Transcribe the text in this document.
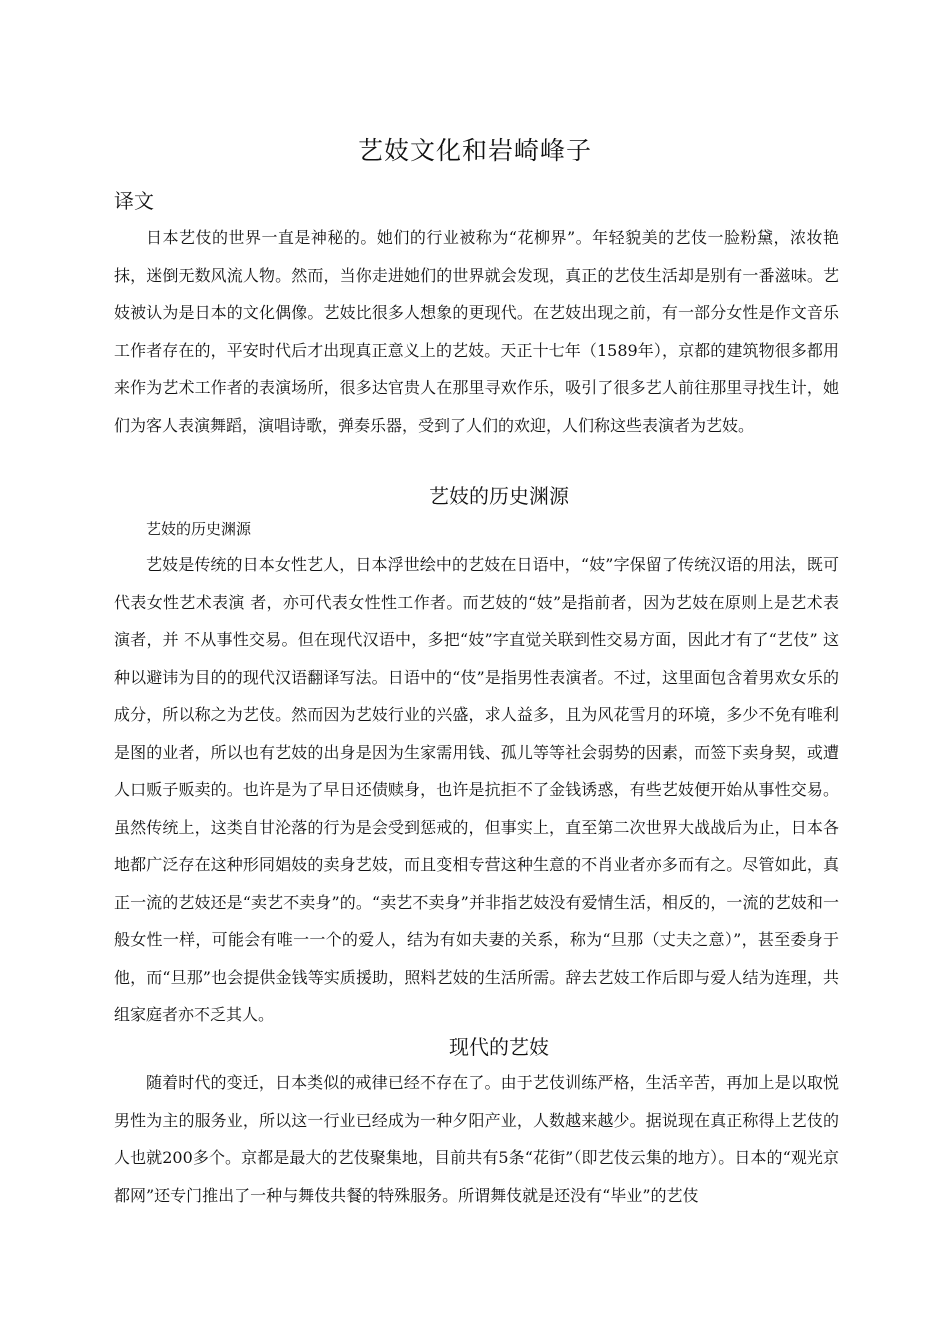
艺妓文化和岩崎峰子
译文

日本艺伎的世界一直是神秘的。她们的行业被称为“花柳界”。年轻貌美的艺伎一脸粉黛，浓妆艳抹，迷倒无数风流人物。然而，当你走进她们的世界就会发现，真正的艺伎生活却是别有一番滋味。艺妓被认为是日本的文化偶像。艺妓比很多人想象的更现代。在艺妓出现之前，有一部分女性是作文音乐工作者存在的，平安时代后才出现真正意义上的艺妓。天正十七年（1589年），京都的建筑物很多都用来作为艺术工作者的表演场所，很多达官贵人在那里寻欢作乐，吸引了很多艺人前往那里寻找生计，她们为客人表演舞蹈，演唱诗歌，弹奏乐器，受到了人们的欢迎，人们称这些表演者为艺妓。

艺妓的历史渊源

艺妓的历史渊源

艺妓是传统的日本女性艺人，日本浮世绘中的艺妓在日语中，“妓”字保留了传统汉语的用法，既可代表女性艺术表演 者，亦可代表女性性工作者。而艺妓的“妓”是指前者，因为艺妓在原则上是艺术表演者，并 不从事性交易。但在现代汉语中，多把“妓”字直觉关联到性交易方面，因此才有了“艺伎” 这种以避讳为目的的现代汉语翻译写法。日语中的“伎”是指男性表演者。不过，这里面包含着男欢女乐的成分，所以称之为艺伎。然而因为艺妓行业的兴盛，求人益多，且为风花雪月的环境，多少不免有唯利是图的业者，所以也有艺妓的出身是因为生家需用钱、孤儿等等社会弱势的因素，而签下卖身契，或遭人口贩子贩卖的。也许是为了早日还债赎身，也许是抗拒不了金钱诱惑，有些艺妓便开始从事性交易。虽然传统上，这类自甘沦落的行为是会受到惩戒的，但事实上，直至第二次世界大战战后为止，日本各地都广泛存在这种形同娼妓的卖身艺妓，而且变相专营这种生意的不肖业者亦多而有之。尽管如此，真正一流的艺妓还是“卖艺不卖身”的。“卖艺不卖身”并非指艺妓没有爱情生活，相反的，一流的艺妓和一般女性一样，可能会有唯一一个的爱人，结为有如夫妻的关系，称为“旦那（丈夫之意）”，甚至委身于他，而“旦那”也会提供金钱等实质援助，照料艺妓的生活所需。辞去艺妓工作后即与爱人结为连理，共组家庭者亦不乏其人。

现代的艺妓

随着时代的变迁，日本类似的戒律已经不存在了。由于艺伎训练严格，生活辛苦，再加上是以取悦男性为主的服务业，所以这一行业已经成为一种夕阳产业，人数越来越少。据说现在真正称得上艺伎的人也就200多个。京都是最大的艺伎聚集地，目前共有5条“花街”（即艺伎云集的地方）。日本的“观光京都网”还专门推出了一种与舞伎共餐的特殊服务。所谓舞伎就是还没有“毕业”的艺伎
